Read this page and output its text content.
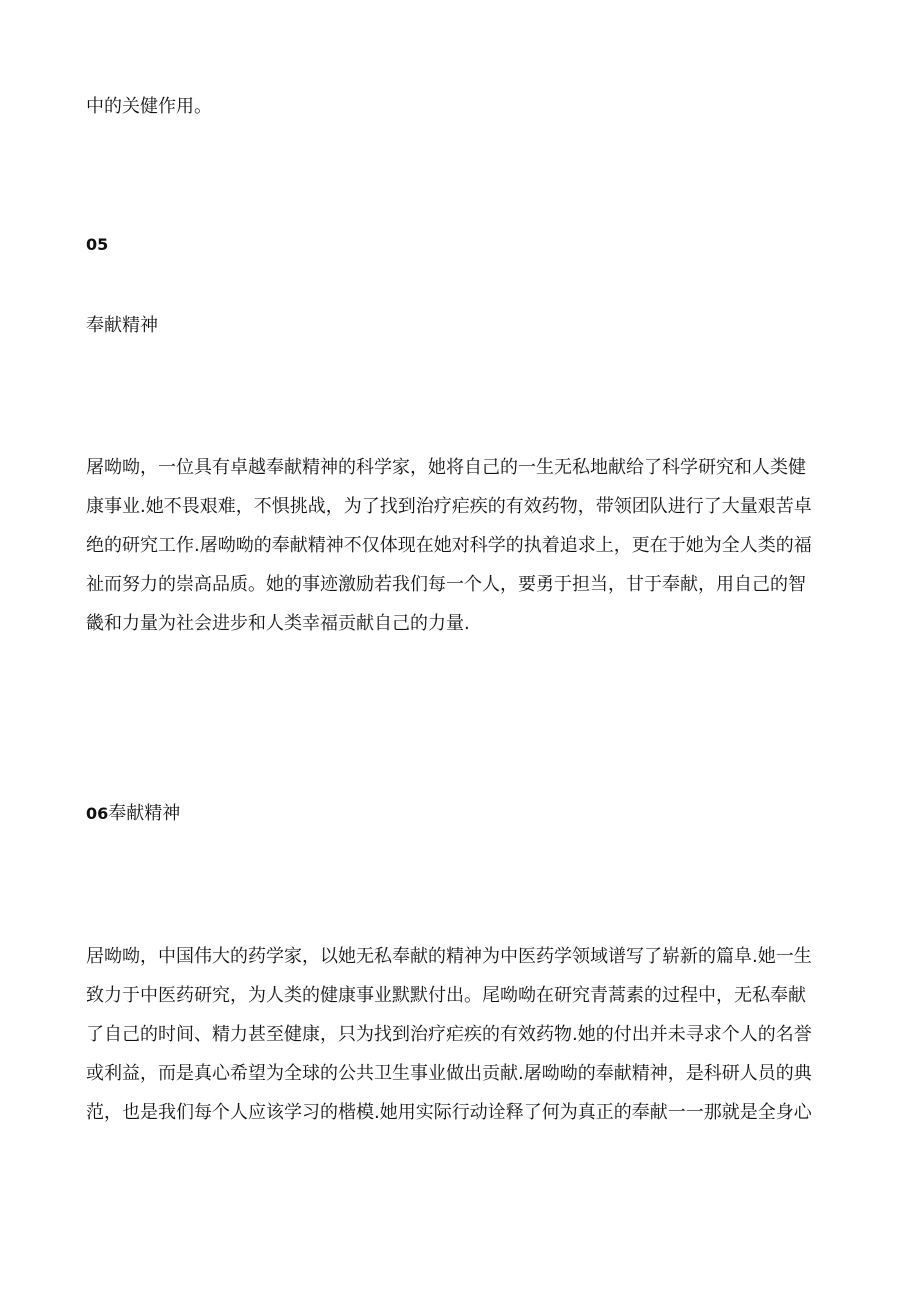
中的关健作用。

05

奉献精神

屠呦呦，一位具有卓越奉献精神的科学家，她将自己的一生无私地献给了科学研究和人类健
康事业.她不畏艰难，不惧挑战，为了找到治疗疟疾的有效药物，带领团队进行了大量艰苦卓
绝的研究工作.屠呦呦的奉献精神不仅体现在她对科学的执着追求上，更在于她为全人类的福
祉而努力的崇高品质。她的事迹激励若我们每一个人，要勇于担当，甘于奉献，用自己的智
畿和力量为社会进步和人类幸福贡献自己的力量.

06奉献精神

居呦呦，中国伟大的药学家，以她无私奉献的精神为中医药学领域谱写了崭新的篇阜.她一生
致力于中医药研究，为人类的健康事业默默付出。尾呦呦在研究青蒿素的过程中，无私奉献
了自己的时间、精力甚至健康，只为找到治疗疟疾的有效药物.她的付出并未寻求个人的名誉
或利益，而是真心希望为全球的公共卫生事业做出贡献.屠呦呦的奉献精神，是科研人员的典
范，也是我们每个人应该学习的楷模.她用实际行动诠释了何为真正的奉献一一那就是全身心
